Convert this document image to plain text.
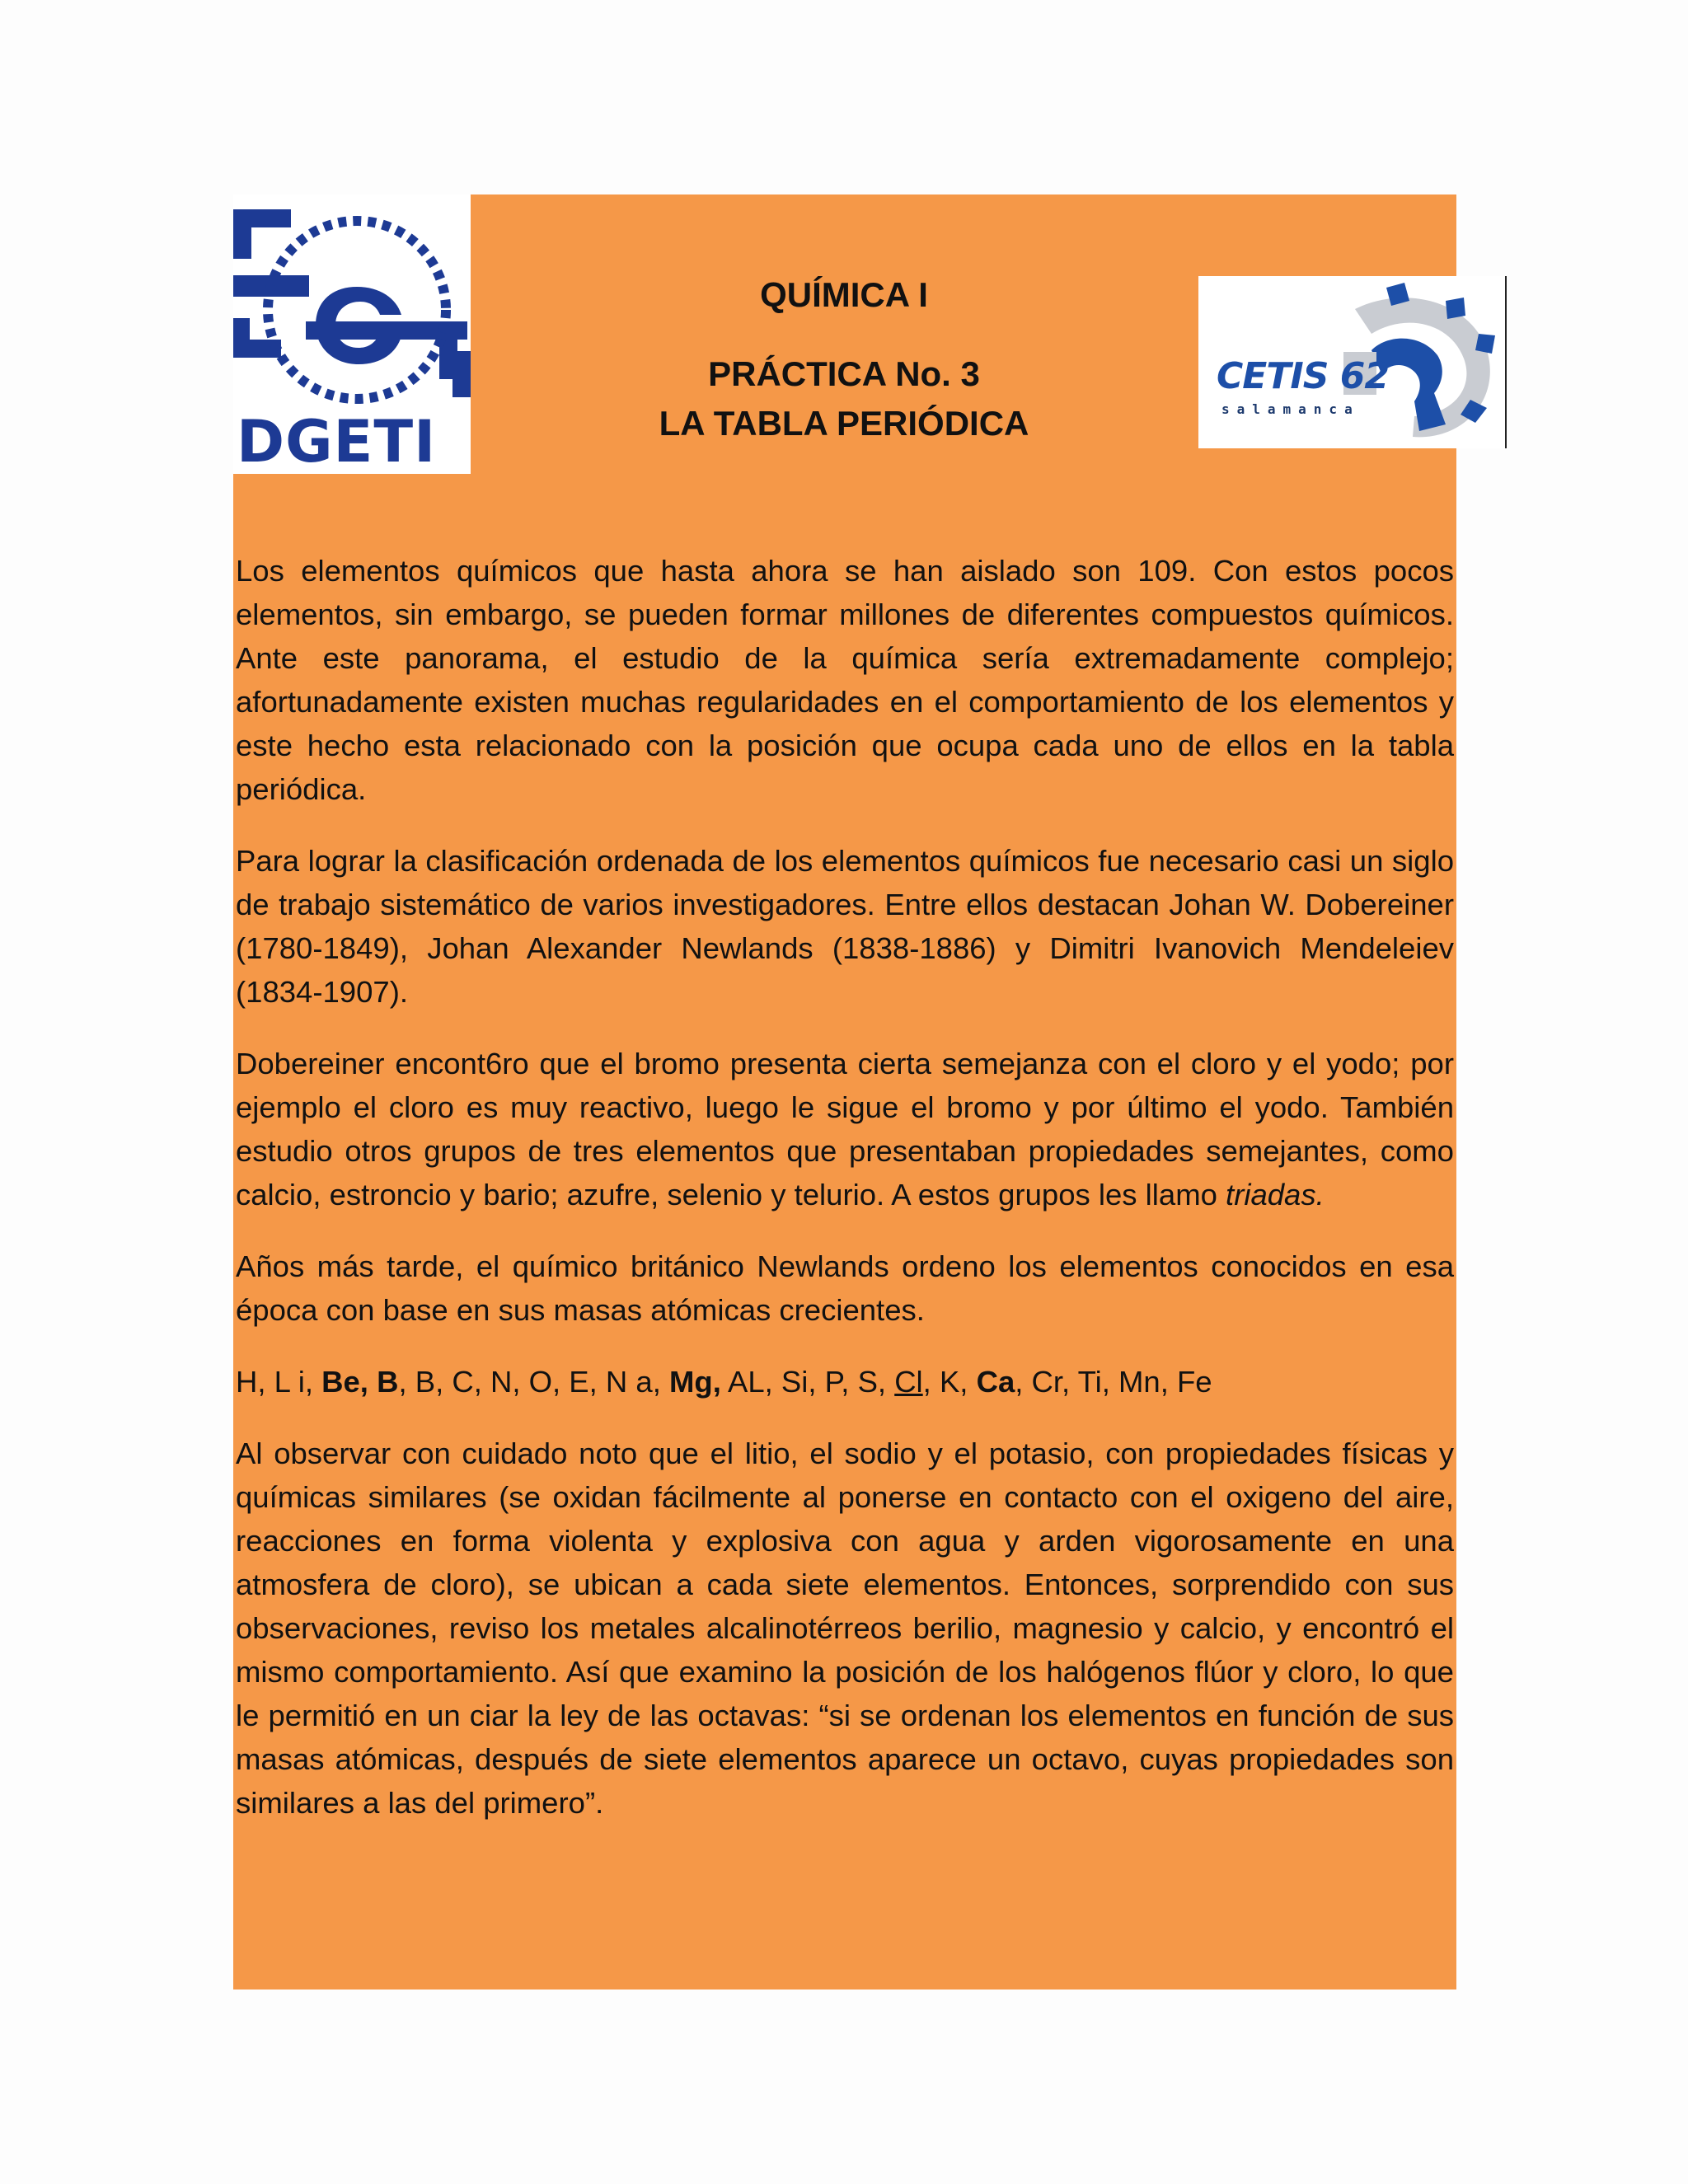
DGETI
CETIS 62
salamanca
QUÍMICA I
PRÁCTICA No. 3
LA TABLA PERIÓDICA

Los elementos químicos que hasta ahora se han aislado son 109. Con estos pocos elementos, sin embargo, se pueden formar millones de diferentes compuestos químicos. Ante este panorama, el estudio de la química sería extremadamente complejo; afortunadamente existen muchas regularidades en el comportamiento de los elementos y este hecho esta relacionado con la posición que ocupa cada uno de ellos en la tabla periódica.

Para lograr la clasificación ordenada de los elementos químicos fue necesario casi un siglo de trabajo sistemático de varios investigadores. Entre ellos destacan Johan W. Dobereiner (1780-1849), Johan Alexander Newlands (1838-1886) y Dimitri Ivanovich Mendeleiev (1834-1907).

Dobereiner encont6ro que el bromo presenta cierta semejanza con el cloro y el yodo; por ejemplo el cloro es muy reactivo, luego le sigue el bromo y por último el yodo. También estudio otros grupos de tres elementos que presentaban propiedades semejantes, como calcio, estroncio y bario; azufre, selenio y telurio. A estos grupos les llamo triadas.

Años más tarde, el químico británico Newlands ordeno los elementos conocidos en esa época con base en sus masas atómicas crecientes.

H, L i, Be, B, B, C, N, O, E, N a, Mg, AL, Si, P, S, Cl, K, Ca, Cr, Ti, Mn, Fe

Al observar con cuidado noto que el litio, el sodio y el potasio, con propiedades físicas y químicas similares (se oxidan fácilmente al ponerse en contacto con el oxigeno del aire, reacciones en forma violenta y explosiva con agua y arden vigorosamente en una atmosfera de cloro), se ubican a cada siete elementos. Entonces, sorprendido con sus observaciones, reviso los metales alcalinotérreos berilio, magnesio y calcio, y encontró el mismo comportamiento. Así que examino la posición de los halógenos flúor y cloro, lo que le permitió en un ciar la ley de las octavas: “si se ordenan los elementos en función de sus masas atómicas, después de siete elementos aparece un octavo, cuyas propiedades son similares a las del primero”.
